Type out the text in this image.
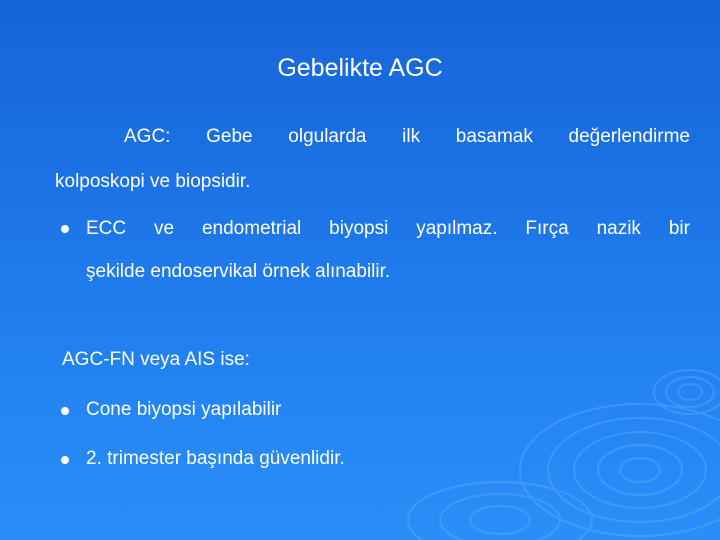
Gebelikte AGC
AGC: Gebe olgularda ilk basamak değerlendirme
kolposkopi ve biopsidir.
ECC ve endometrial biyopsi yapılmaz. Fırça nazik bir
şekilde endoservikal örnek alınabilir.
AGC-FN veya AIS ise:
Cone biyopsi yapılabilir
2. trimester başında güvenlidir.
